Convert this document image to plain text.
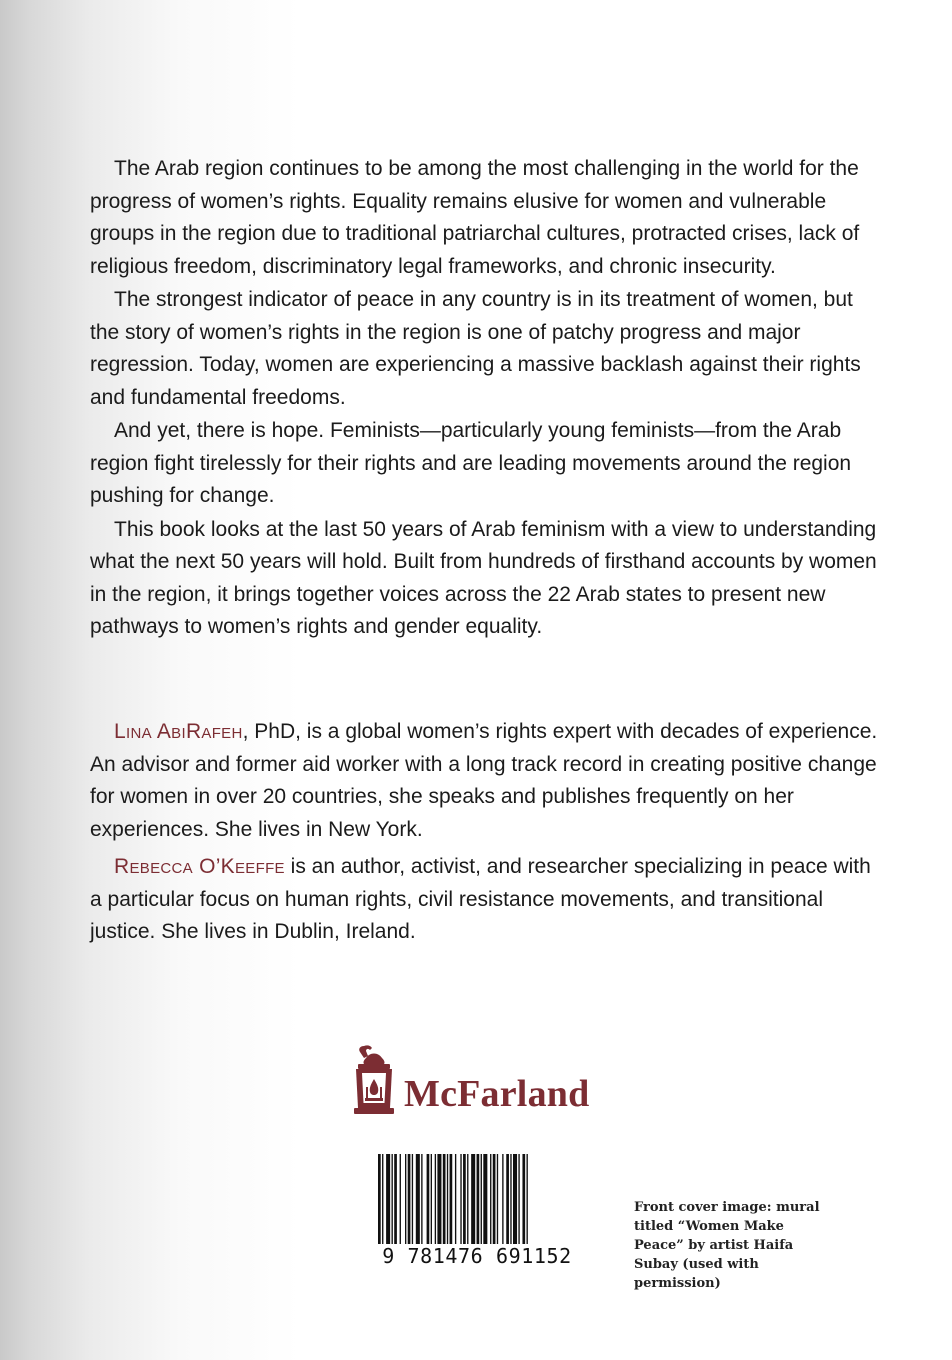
The Arab region continues to be among the most challenging in the world for the progress of women’s rights. Equality remains elusive for women and vulnerable groups in the region due to traditional patriarchal cultures, protracted crises, lack of religious freedom, discriminatory legal frameworks, and chronic insecurity.

The strongest indicator of peace in any country is in its treatment of women, but the story of women’s rights in the region is one of patchy progress and major regression. Today, women are experiencing a massive backlash against their rights and fundamental freedoms.

And yet, there is hope. Feminists—particularly young feminists—from the Arab region fight tirelessly for their rights and are leading movements around the region pushing for change.

This book looks at the last 50 years of Arab feminism with a view to understanding what the next 50 years will hold. Built from hundreds of firsthand accounts by women in the region, it brings together voices across the 22 Arab states to present new pathways to women’s rights and gender equality.

Lina AbiRafeh, PhD, is a global women’s rights expert with decades of experience. An advisor and former aid worker with a long track record in creating positive change for women in over 20 countries, she speaks and publishes frequently on her experiences. She lives in New York.

Rebecca O’Keeffe is an author, activist, and researcher specializing in peace with a particular focus on human rights, civil resistance movements, and transitional justice. She lives in Dublin, Ireland.

McFarland
9 781476 691152
Front cover image: mural titled “Women Make Peace” by artist Haifa Subay (used with permission)
